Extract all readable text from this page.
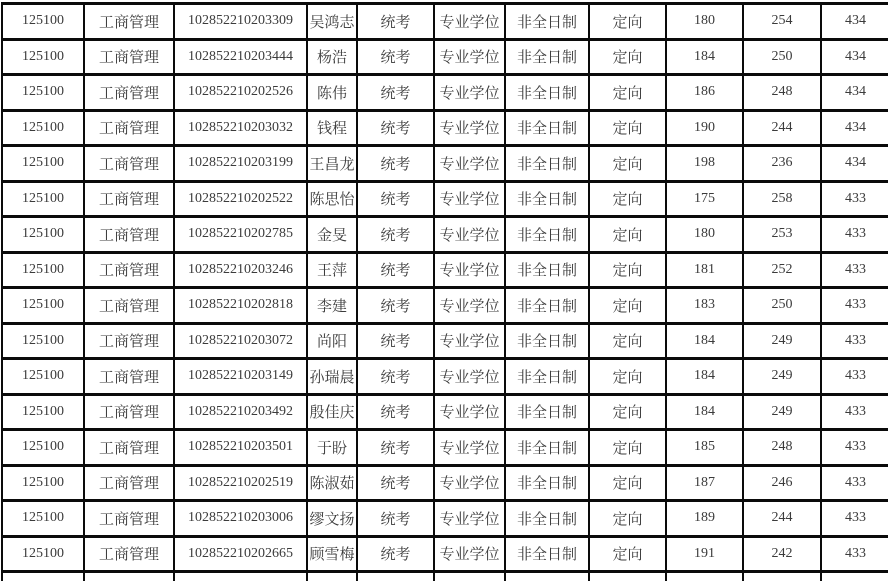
125100	工商管理	102852210203309	吴鸿志	统考	专业学位	非全日制	定向	180	254	434
125100	工商管理	102852210203444	杨浩	统考	专业学位	非全日制	定向	184	250	434
125100	工商管理	102852210202526	陈伟	统考	专业学位	非全日制	定向	186	248	434
125100	工商管理	102852210203032	钱程	统考	专业学位	非全日制	定向	190	244	434
125100	工商管理	102852210203199	王昌龙	统考	专业学位	非全日制	定向	198	236	434
125100	工商管理	102852210202522	陈思怡	统考	专业学位	非全日制	定向	175	258	433
125100	工商管理	102852210202785	金旻	统考	专业学位	非全日制	定向	180	253	433
125100	工商管理	102852210203246	王萍	统考	专业学位	非全日制	定向	181	252	433
125100	工商管理	102852210202818	李建	统考	专业学位	非全日制	定向	183	250	433
125100	工商管理	102852210203072	尚阳	统考	专业学位	非全日制	定向	184	249	433
125100	工商管理	102852210203149	孙瑞晨	统考	专业学位	非全日制	定向	184	249	433
125100	工商管理	102852210203492	殷佳庆	统考	专业学位	非全日制	定向	184	249	433
125100	工商管理	102852210203501	于盼	统考	专业学位	非全日制	定向	185	248	433
125100	工商管理	102852210202519	陈淑茹	统考	专业学位	非全日制	定向	187	246	433
125100	工商管理	102852210203006	缪文扬	统考	专业学位	非全日制	定向	189	244	433
125100	工商管理	102852210202665	顾雪梅	统考	专业学位	非全日制	定向	191	242	433
